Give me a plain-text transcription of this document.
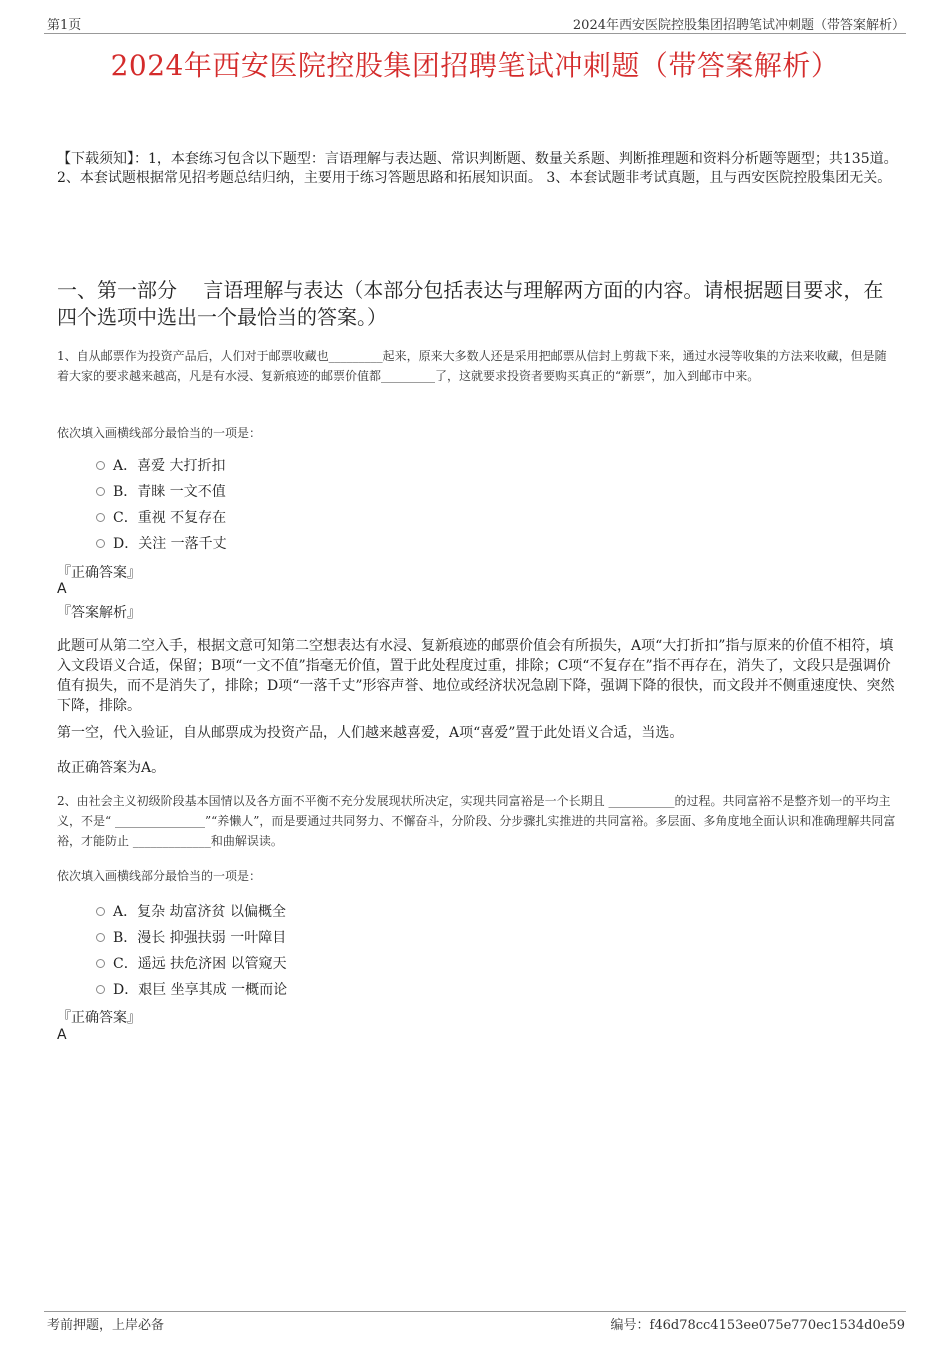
第1页	2024年西安医院控股集团招聘笔试冲刺题（带答案解析）
2024年西安医院控股集团招聘笔试冲刺题（带答案解析）
【下载须知】：1，本套练习包含以下题型：言语理解与表达题、常识判断题、数量关系题、判断推理题和资料分析题等题型；共135道。 2、本套试题根据常见招考题总结归纳，主要用于练习答题思路和拓展知识面。 3、本套试题非考试真题，且与西安医院控股集团无关。
一、第一部分　 言语理解与表达（本部分包括表达与理解两方面的内容。请根据题目要求，在四个选项中选出一个最恰当的答案。）
1、自从邮票作为投资产品后，人们对于邮票收藏也_________起来，原来大多数人还是采用把邮票从信封上剪裁下来，通过水浸等收集的方法来收藏，但是随着大家的要求越来越高，凡是有水浸、复新痕迹的邮票价值都_________了，这就要求投资者要购买真正的“新票”，加入到邮市中来。
依次填入画横线部分最恰当的一项是：
A．喜爱 大打折扣
B．青睐 一文不值
C．重视 不复存在
D．关注 一落千丈
『正确答案』
A
『答案解析』
此题可从第二空入手，根据文意可知第二空想表达有水浸、复新痕迹的邮票价值会有所损失，A项“大打折扣”指与原来的价值不相符，填入文段语义合适，保留；B项“一文不值”指毫无价值，置于此处程度过重，排除；C项“不复存在”指不再存在，消失了，文段只是强调价值有损失，而不是消失了，排除；D项“一落千丈”形容声誉、地位或经济状况急剧下降，强调下降的很快，而文段并不侧重速度快、突然下降，排除。
第一空，代入验证，自从邮票成为投资产品，人们越来越喜爱，A项“喜爱”置于此处语义合适，当选。
故正确答案为A。
2、由社会主义初级阶段基本国情以及各方面不平衡不充分发展现状所决定，实现共同富裕是一个长期且 ___________的过程。共同富裕不是整齐划一的平均主义，不是“ _______________”“养懒人”，而是要通过共同努力、不懈奋斗，分阶段、分步骤扎实推进的共同富裕。多层面、多角度地全面认识和准确理解共同富裕，才能防止 _____________和曲解误读。
依次填入画横线部分最恰当的一项是：
A．复杂 劫富济贫 以偏概全
B．漫长 抑强扶弱 一叶障目
C．遥远 扶危济困 以管窥天
D．艰巨 坐享其成 一概而论
『正确答案』
A
考前押题，上岸必备	编号：f46d78cc4153ee075e770ec1534d0e59
